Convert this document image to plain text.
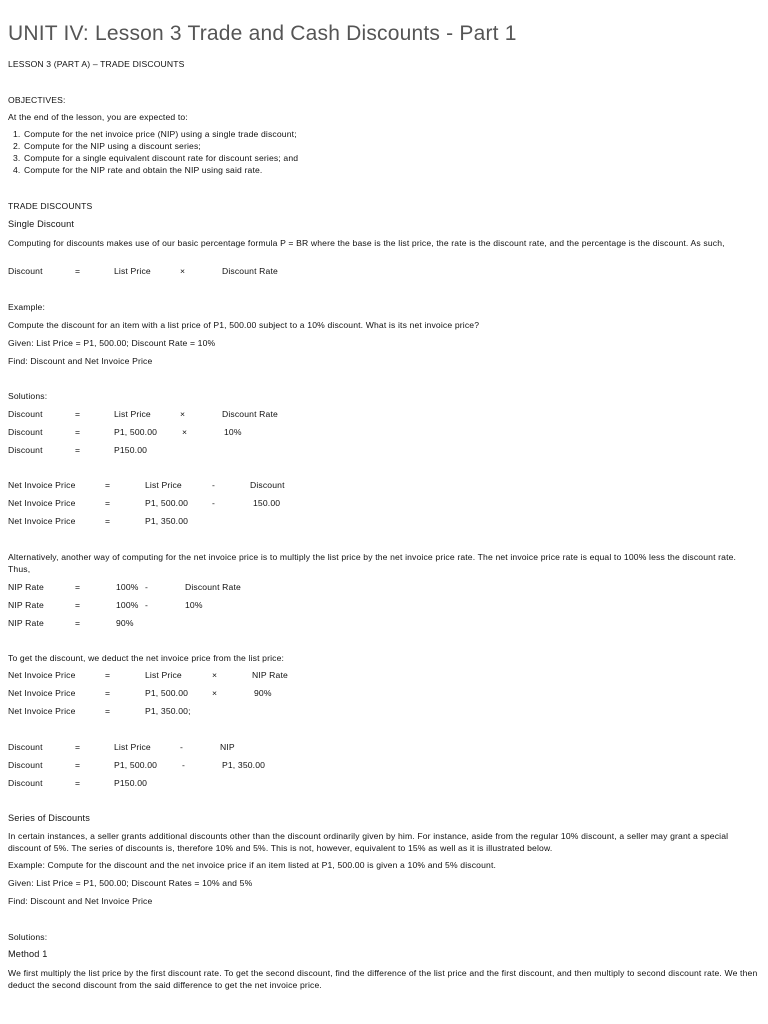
UNIT IV: Lesson 3 Trade and Cash Discounts - Part 1
LESSON 3 (PART A) – TRADE DISCOUNTS
OBJECTIVES:
At the end of the lesson, you are expected to:
1. Compute for the net invoice price (NIP) using a single trade discount;
2. Compute for the NIP using a discount series;
3. Compute for a single equivalent discount rate for discount series; and
4. Compute for the NIP rate and obtain the NIP using said rate.
TRADE DISCOUNTS
Single Discount
Computing for discounts makes use of our basic percentage formula P = BR where the base is the list price, the rate is the discount rate, and the percentage is the discount. As such,
Discount	=	List Price	×	Discount Rate
Example:
Compute the discount for an item with a list price of P1, 500.00 subject to a 10% discount. What is its net invoice price?
Given: List Price = P1, 500.00; Discount Rate = 10%
Find: Discount and Net Invoice Price
Solutions:
Discount	=	List Price	×	Discount Rate
Discount	=	P1, 500.00	×	10%
Discount	=	P150.00
Net Invoice Price	=	List Price	-	Discount
Net Invoice Price	=	P1, 500.00	-	150.00
Net Invoice Price	=	P1, 350.00
Alternatively, another way of computing for the net invoice price is to multiply the list price by the net invoice price rate. The net invoice price rate is equal to 100% less the discount rate. Thus,
NIP Rate	=	100% -	Discount Rate
NIP Rate	=	100% -	10%
NIP Rate	=	90%
To get the discount, we deduct the net invoice price from the list price:
Net Invoice Price	=	List Price	×	NIP Rate
Net Invoice Price	=	P1, 500.00	×	90%
Net Invoice Price	=	P1, 350.00;
Discount	=	List Price	-	NIP
Discount	=	P1, 500.00	-	P1, 350.00
Discount	=	P150.00
Series of Discounts
In certain instances, a seller grants additional discounts other than the discount ordinarily given by him. For instance, aside from the regular 10% discount, a seller may grant a special discount of 5%. The series of discounts is, therefore 10% and 5%. This is not, however, equivalent to 15% as well as it is illustrated below.
Example: Compute for the discount and the net invoice price if an item listed at P1, 500.00 is given a 10% and 5% discount.
Given: List Price = P1, 500.00; Discount Rates = 10% and 5%
Find: Discount and Net Invoice Price
Solutions:
Method 1
We first multiply the list price by the first discount rate. To get the second discount, find the difference of the list price and the first discount, and then multiply to second discount rate. We then deduct the second discount from the said difference to get the net invoice price.
